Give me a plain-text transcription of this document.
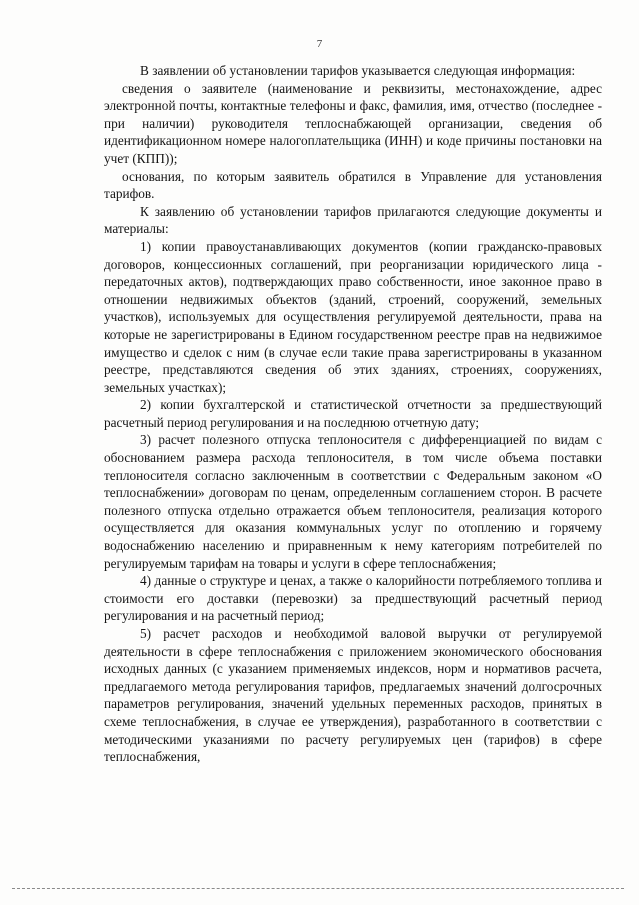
7

В заявлении об установлении тарифов указывается следующая информация:

сведения о заявителе (наименование и реквизиты, местонахождение, адрес электронной почты, контактные телефоны и факс, фамилия, имя, отчество (последнее - при наличии) руководителя теплоснабжающей организации, сведения об идентификационном номере налогоплательщика (ИНН) и коде причины постановки на учет (КПП));

основания, по которым заявитель обратился в Управление для установления тарифов.

К заявлению об установлении тарифов прилагаются следующие документы и материалы:

1) копии правоустанавливающих документов (копии гражданско-правовых договоров, концессионных соглашений, при реорганизации юридического лица - передаточных актов), подтверждающих право собственности, иное законное право в отношении недвижимых объектов (зданий, строений, сооружений, земельных участков), используемых для осуществления регулируемой деятельности, права на которые не зарегистрированы в Едином государственном реестре прав на недвижимое имущество и сделок с ним (в случае если такие права зарегистрированы в указанном реестре, представляются сведения об этих зданиях, строениях, сооружениях, земельных участках);

2) копии бухгалтерской и статистической отчетности за предшествующий расчетный период регулирования и на последнюю отчетную дату;

3) расчет полезного отпуска теплоносителя с дифференциацией по видам с обоснованием размера расхода теплоносителя, в том числе объема поставки теплоносителя согласно заключенным в соответствии с Федеральным законом «О теплоснабжении» договорам по ценам, определенным соглашением сторон. В расчете полезного отпуска отдельно отражается объем теплоносителя, реализация которого осуществляется для оказания коммунальных услуг по отоплению и горячему водоснабжению населению и приравненным к нему категориям потребителей по регулируемым тарифам на товары и услуги в сфере теплоснабжения;

4) данные о структуре и ценах, а также о калорийности потребляемого топлива и стоимости его доставки (перевозки) за предшествующий расчетный период регулирования и на расчетный период;

5) расчет расходов и необходимой валовой выручки от регулируемой деятельности в сфере теплоснабжения с приложением экономического обоснования исходных данных (с указанием применяемых индексов, норм и нормативов расчета, предлагаемого метода регулирования тарифов, предлагаемых значений долгосрочных параметров регулирования, значений удельных переменных расходов, принятых в схеме теплоснабжения, в случае ее утверждения), разработанного в соответствии с методическими указаниями по расчету регулируемых цен (тарифов) в сфере теплоснабжения,
